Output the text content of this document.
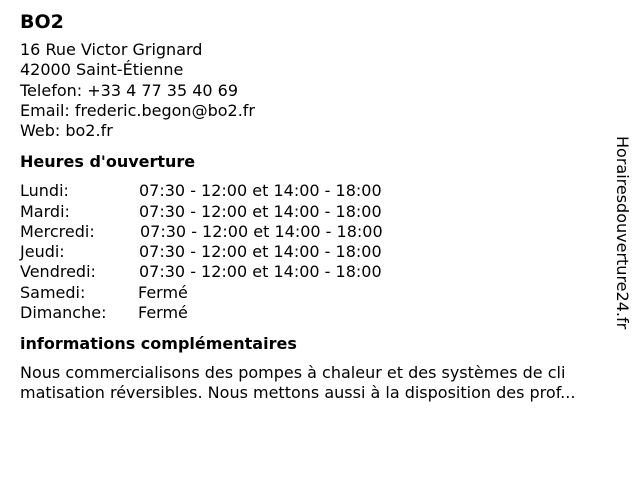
BO2
16 Rue Victor Grignard
42000 Saint-Étienne
Telefon: +33 4 77 35 40 69
Email: frederic.begon@bo2.fr
Web: bo2.fr
Heures d'ouverture
Lundi:	07:30 - 12:00 et 14:00 - 18:00
Mardi:	07:30 - 12:00 et 14:00 - 18:00
Mercredi:	07:30 - 12:00 et 14:00 - 18:00
Jeudi:	07:30 - 12:00 et 14:00 - 18:00
Vendredi:	07:30 - 12:00 et 14:00 - 18:00
Samedi:	Fermé
Dimanche:	Fermé
informations complémentaires
Nous commercialisons des pompes à chaleur et des systèmes de cli
matisation réversibles. Nous mettons aussi à la disposition des prof...
Horairesdouverture24.fr
